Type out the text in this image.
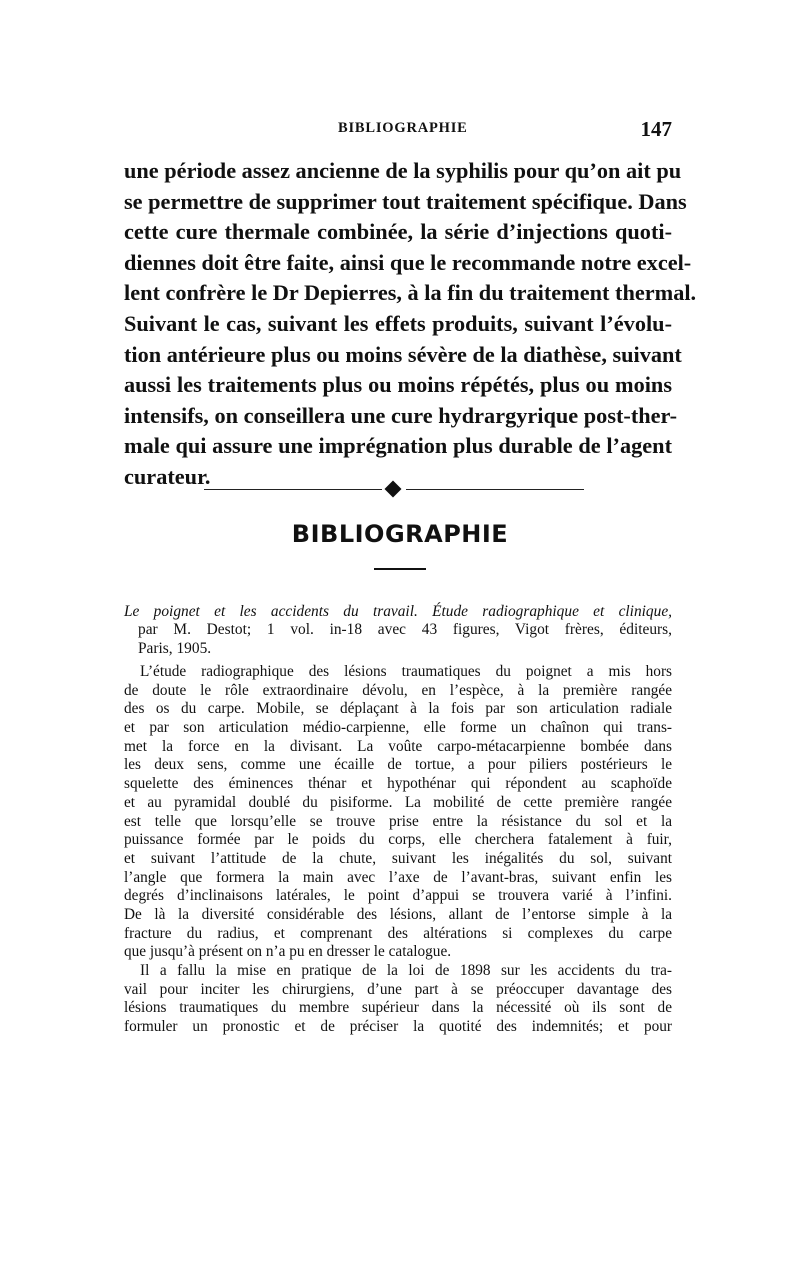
BIBLIOGRAPHIE	147
une période assez ancienne de la syphilis pour qu’on ait pu
se permettre de supprimer tout traitement spécifique. Dans
cette cure thermale combinée, la série d’injections quoti-
diennes doit être faite, ainsi que le recommande notre excel-
lent confrère le Dr Depierres, à la fin du traitement thermal.
Suivant le cas, suivant les effets produits, suivant l’évolu-
tion antérieure plus ou moins sévère de la diathèse, suivant
aussi les traitements plus ou moins répétés, plus ou moins
intensifs, on conseillera une cure hydrargyrique post-ther-
male qui assure une imprégnation plus durable de l’agent
curateur.
BIBLIOGRAPHIE
Le poignet et les accidents du travail. Étude radiographique et clinique,
par M. Destot; 1 vol. in-18 avec 43 figures, Vigot frères, éditeurs,
Paris, 1905.
L’étude radiographique des lésions traumatiques du poignet a mis hors
de doute le rôle extraordinaire dévolu, en l’espèce, à la première rangée
des os du carpe. Mobile, se déplaçant à la fois par son articulation radiale
et par son articulation médio-carpienne, elle forme un chaînon qui trans-
met la force en la divisant. La voûte carpo-métacarpienne bombée dans
les deux sens, comme une écaille de tortue, a pour piliers postérieurs le
squelette des éminences thénar et hypothénar qui répondent au scaphoïde
et au pyramidal doublé du pisiforme. La mobilité de cette première rangée
est telle que lorsqu’elle se trouve prise entre la résistance du sol et la
puissance formée par le poids du corps, elle cherchera fatalement à fuir,
et suivant l’attitude de la chute, suivant les inégalités du sol, suivant
l’angle que formera la main avec l’axe de l’avant-bras, suivant enfin les
degrés d’inclinaisons latérales, le point d’appui se trouvera varié à l’infini.
De là la diversité considérable des lésions, allant de l’entorse simple à la
fracture du radius, et comprenant des altérations si complexes du carpe
que jusqu’à présent on n’a pu en dresser le catalogue.
Il a fallu la mise en pratique de la loi de 1898 sur les accidents du tra-
vail pour inciter les chirurgiens, d’une part à se préoccuper davantage des
lésions traumatiques du membre supérieur dans la nécessité où ils sont de
formuler un pronostic et de préciser la quotité des indemnités; et pour
